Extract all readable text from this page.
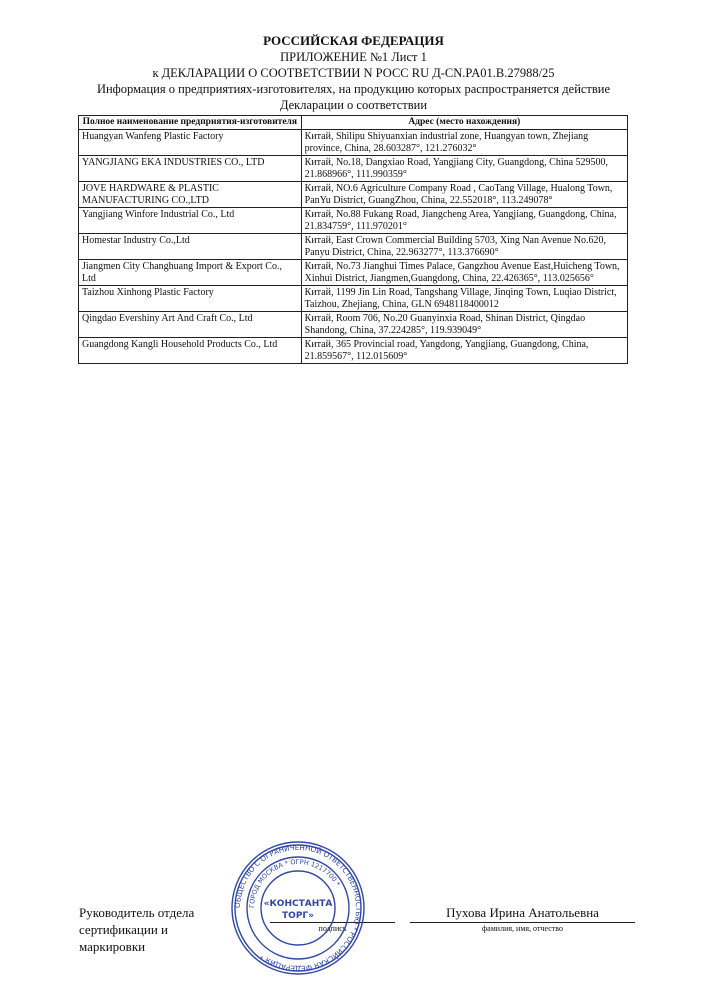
РОССИЙСКАЯ ФЕДЕРАЦИЯ
ПРИЛОЖЕНИЕ №1 Лист 1
к ДЕКЛАРАЦИИ О СООТВЕТСТВИИ N РОСС RU Д-CN.PA01.B.27988/25
Информация о предприятиях-изготовителях, на продукцию которых распространяется действие
Декларации о соответствии
Полное наименование предприятия-изготовителя	Адрес (место нахождения)
Huangyan Wanfeng Plastic Factory	Китай, Shilipu Shiyuanxian industrial zone, Huangyan town, Zhejiang province, China, 28.603287°, 121.276032°
YANGJIANG EKA INDUSTRIES CO., LTD	Китай, No.18, Dangxiao Road, Yangjiang City, Guangdong, China 529500, 21.868966°, 111.990359°
JOVE HARDWARE & PLASTIC MANUFACTURING CO.,LTD	Китай, NO.6 Agriculture Company Road , CaoTang Village, Hualong Town, PanYu District, GuangZhou, China, 22.552018°, 113.249078°
Yangjiang Winfore Industrial Co., Ltd	Китай, No.88 Fukang Road, Jiangcheng Area, Yangjiang, Guangdong, China, 21.834759°, 111.970201°
Homestar Industry Co.,Ltd	Китай, East Crown Commercial Building 5703, Xing Nan Avenue No.620, Panyu District, China, 22.963277°, 113.376690°
Jiangmen City Changhuang Import & Export Co., Ltd	Китай, No.73 Jianghui Times Palace, Gangzhou Avenue East,Huicheng Town, Xinhui District, Jiangmen,Guangdong, China, 22.426365°, 113.025656°
Taizhou Xinhong Plastic Factory	Китай, 1199 Jin Lin Road, Tangshang Village, Jinqing Town, Luqiao District, Taizhou, Zhejiang, China, GLN 6948118400012
Qingdao Evershiny Art And Craft Co., Ltd	Китай, Room 706, No.20 Guanyinxia Road, Shinan District, Qingdao Shandong, China, 37.224285°, 119.939049°
Guangdong Kangli Household Products Co., Ltd	Китай, 365 Provincial road, Yangdong, Yangjiang, Guangdong, China, 21.859567°, 112.015609°
Руководитель отдела
сертификации и
маркировки
подпись
Пухова Ирина Анатольевна
фамилия, имя, отчество
ОБЩЕСТВО С ОГРАНИЧЕННОЙ ОТВЕТСТВЕННОСТЬЮ * РОССИЙСКАЯ ФЕДЕРАЦИЯ *
ГОРОД МОСКВА * ОГРН 1217700 *
«КОНСТАНТА
ТОРГ»
